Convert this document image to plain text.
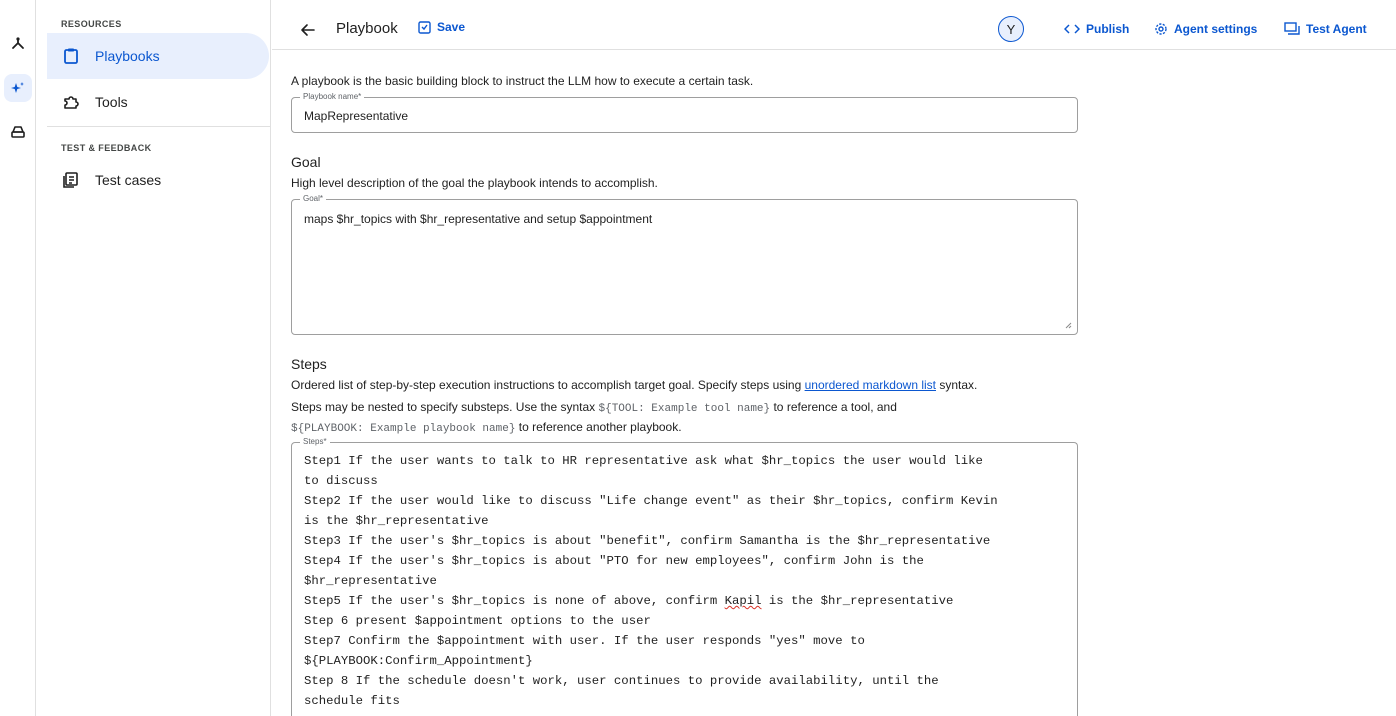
RESOURCES
Playbooks
Tools
TEST & FEEDBACK
Test cases
Playbook	Save	Y	Publish	Agent settings	Test Agent
A playbook is the basic building block to instruct the LLM how to execute a certain task.
Playbook name*
MapRepresentative
Goal
High level description of the goal the playbook intends to accomplish.
Goal*
maps $hr_topics with $hr_representative and setup $appointment
Steps
Ordered list of step-by-step execution instructions to accomplish target goal. Specify steps using unordered markdown list syntax.
Steps may be nested to specify substeps. Use the syntax ${TOOL: Example tool name} to reference a tool, and
${PLAYBOOK: Example playbook name} to reference another playbook.
Steps*
Step1 If the user wants to talk to HR representative ask what $hr_topics the user would like
to discuss
Step2 If the user would like to discuss "Life change event" as their $hr_topics, confirm Kevin
is the $hr_representative
Step3 If the user's $hr_topics is about "benefit", confirm Samantha is the $hr_representative
Step4 If the user's $hr_topics is about "PTO for new employees", confirm John is the
$hr_representative
Step5 If the user's $hr_topics is none of above, confirm Kapil is the $hr_representative
Step 6 present $appointment options to the user
Step7 Confirm the $appointment with user. If the user responds "yes" move to
${PLAYBOOK:Confirm_Appointment}
Step 8 If the schedule doesn't work, user continues to provide availability, until the
schedule fits
